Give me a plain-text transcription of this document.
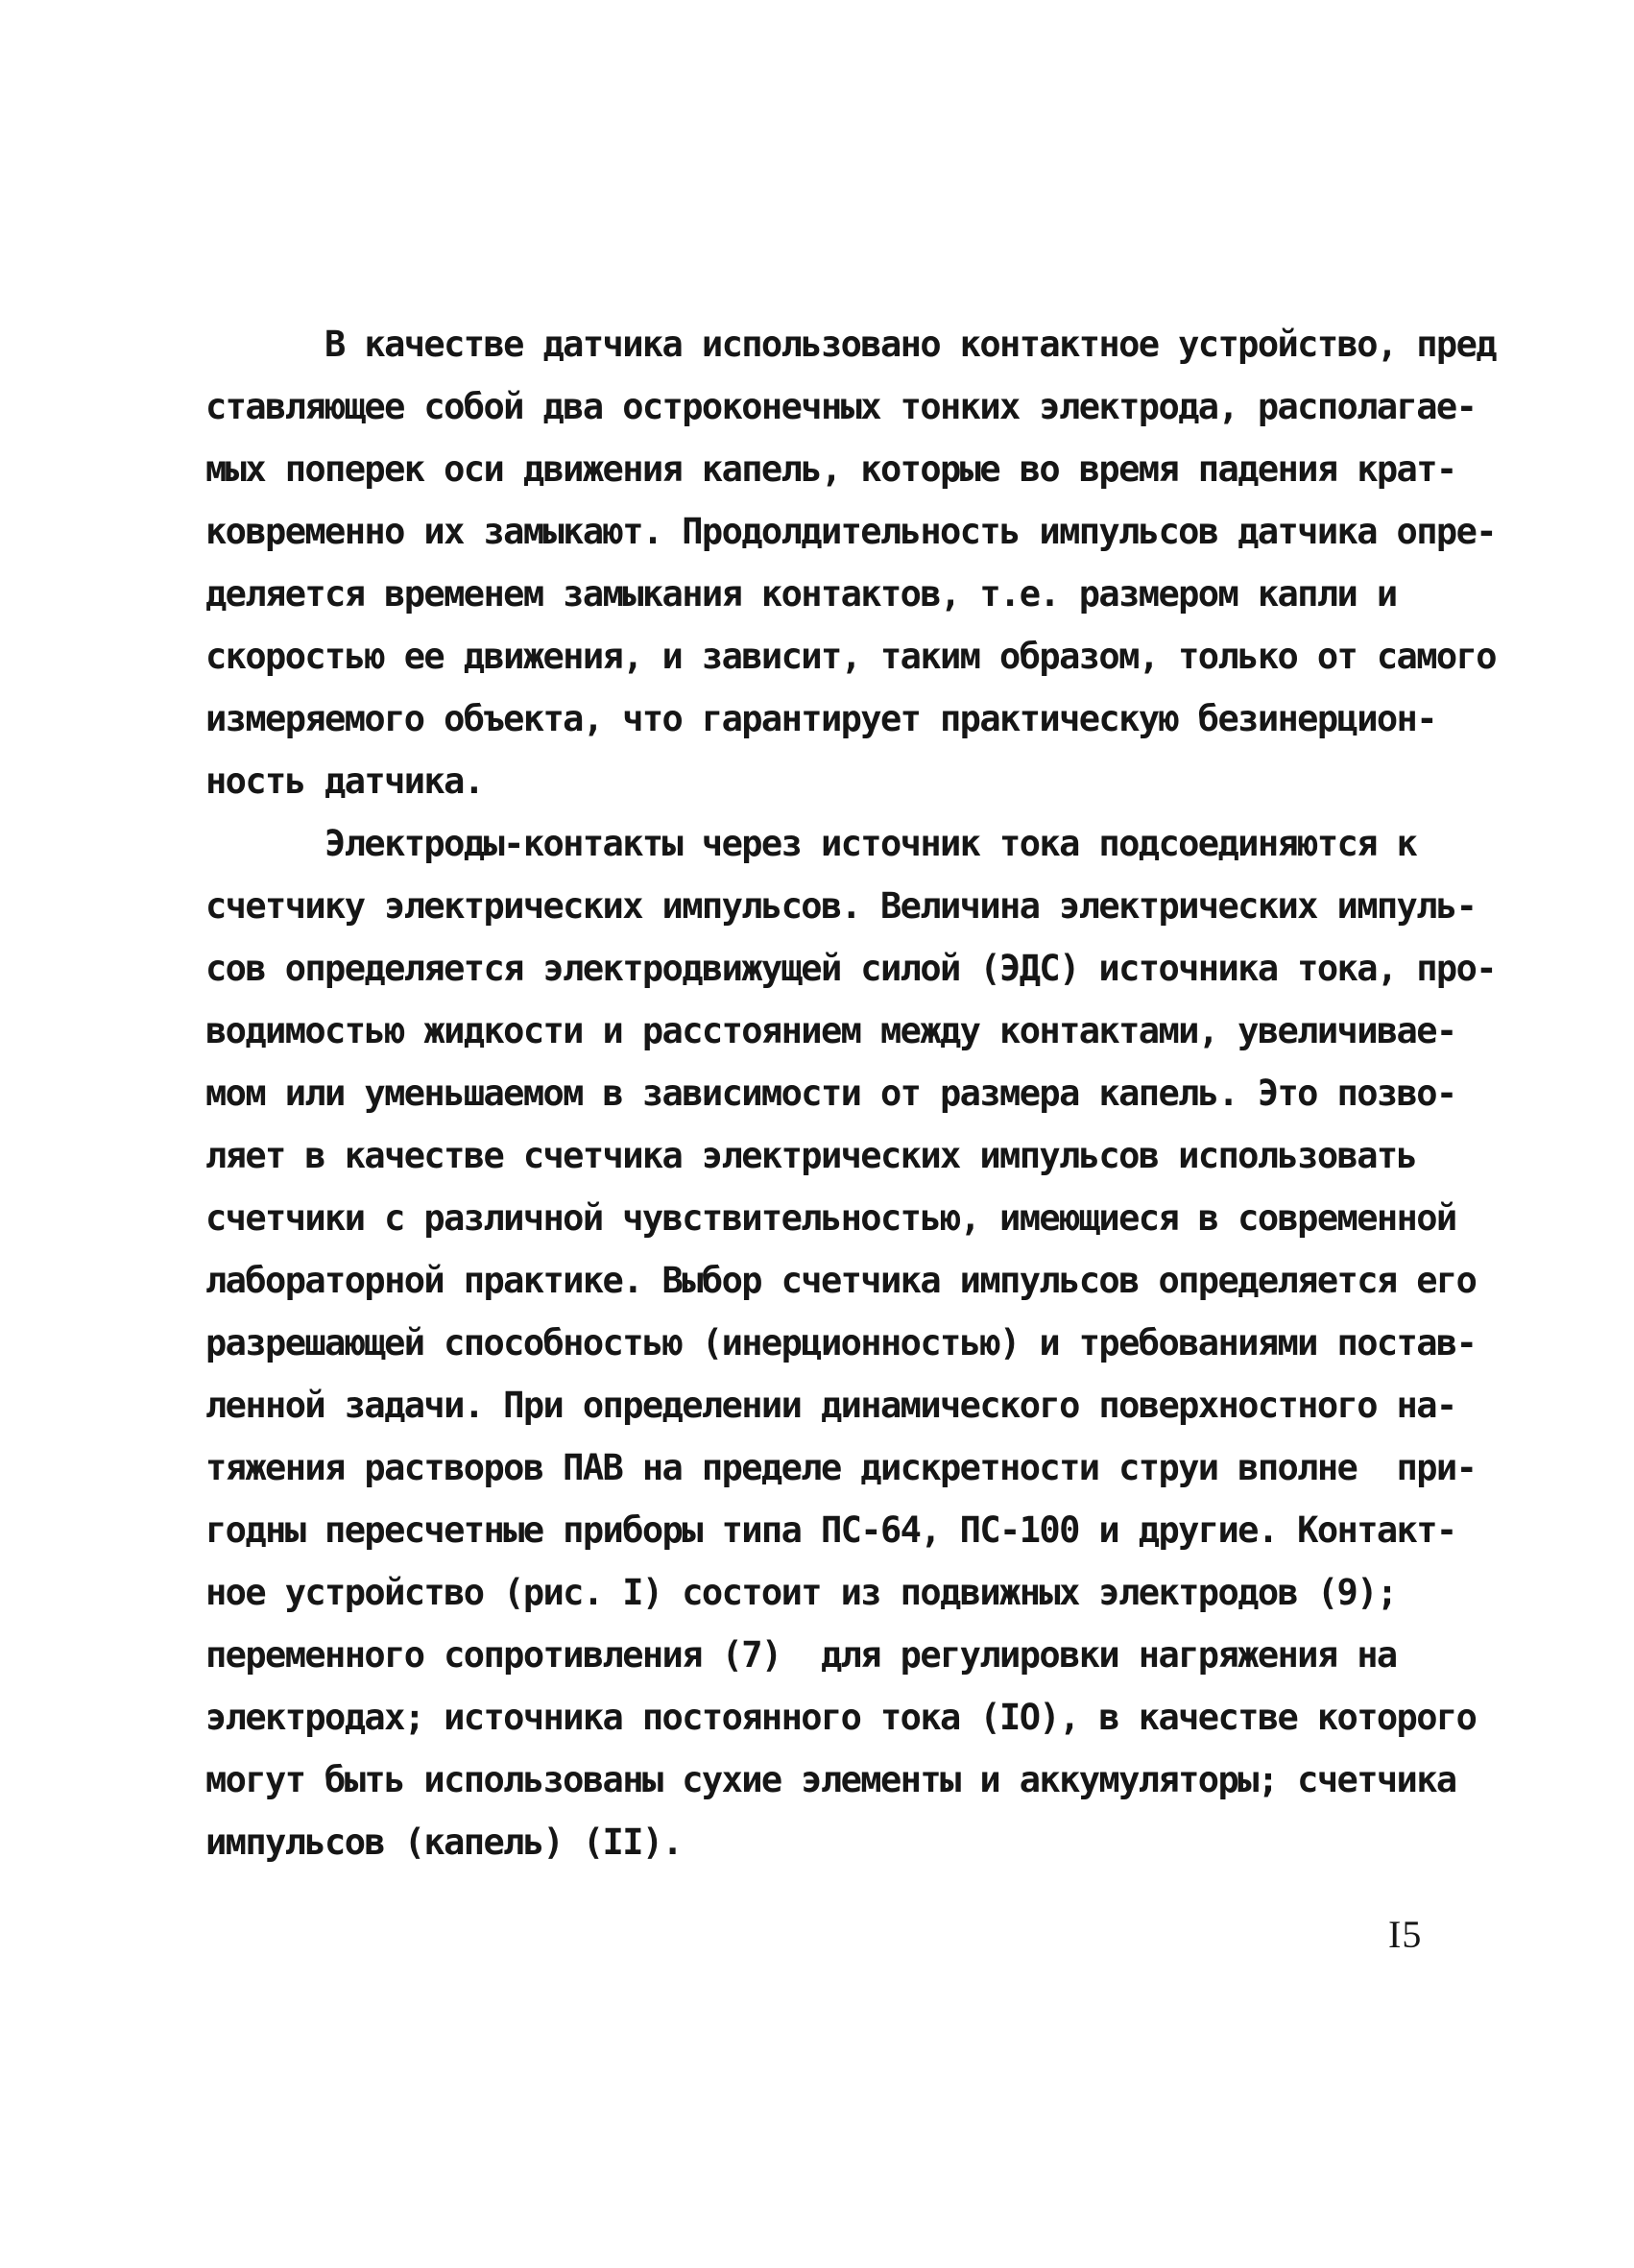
В качестве датчика использовано контактное устройство, пред
ставляющее собой два остроконечных тонких электрода, располагае-
мых поперек оси движения капель, которые во время падения крат-
ковременно их замыкают. Продолдительность импульсов датчика опре-
деляется временем замыкания контактов, т.е. размером капли и
скоростью ее движения, и зависит, таким образом, только от самого
измеряемого объекта, что гарантирует практическую безинерцион-
ность датчика.
Электроды-контакты через источник тока подсоединяются к
счетчику электрических импульсов. Величина электрических импуль-
сов определяется электродвижущей силой (ЭДС) источника тока, про-
водимостью жидкости и расстоянием между контактами, увеличивае-
мом или уменьшаемом в зависимости от размера капель. Это позво-
ляет в качестве счетчика электрических импульсов использовать
счетчики с различной чувствительностью, имеющиеся в современной
лабораторной практике. Выбор счетчика импульсов определяется его
разрешающей способностью (инерционностью) и требованиями постав-
ленной задачи. При определении динамического поверхностного на-
тяжения растворов ПАВ на пределе дискретности струи вполне  при-
годны пересчетные приборы типа ПС-64, ПС-100 и другие. Контакт-
ное устройство (рис. I) состоит из подвижных электродов (9);
переменного сопротивления (7)  для регулировки нагряжения на
электродах; источника постоянного тока (IO), в качестве которого
могут быть использованы сухие элементы и аккумуляторы; счетчика
импульсов (капель) (II).
I5
